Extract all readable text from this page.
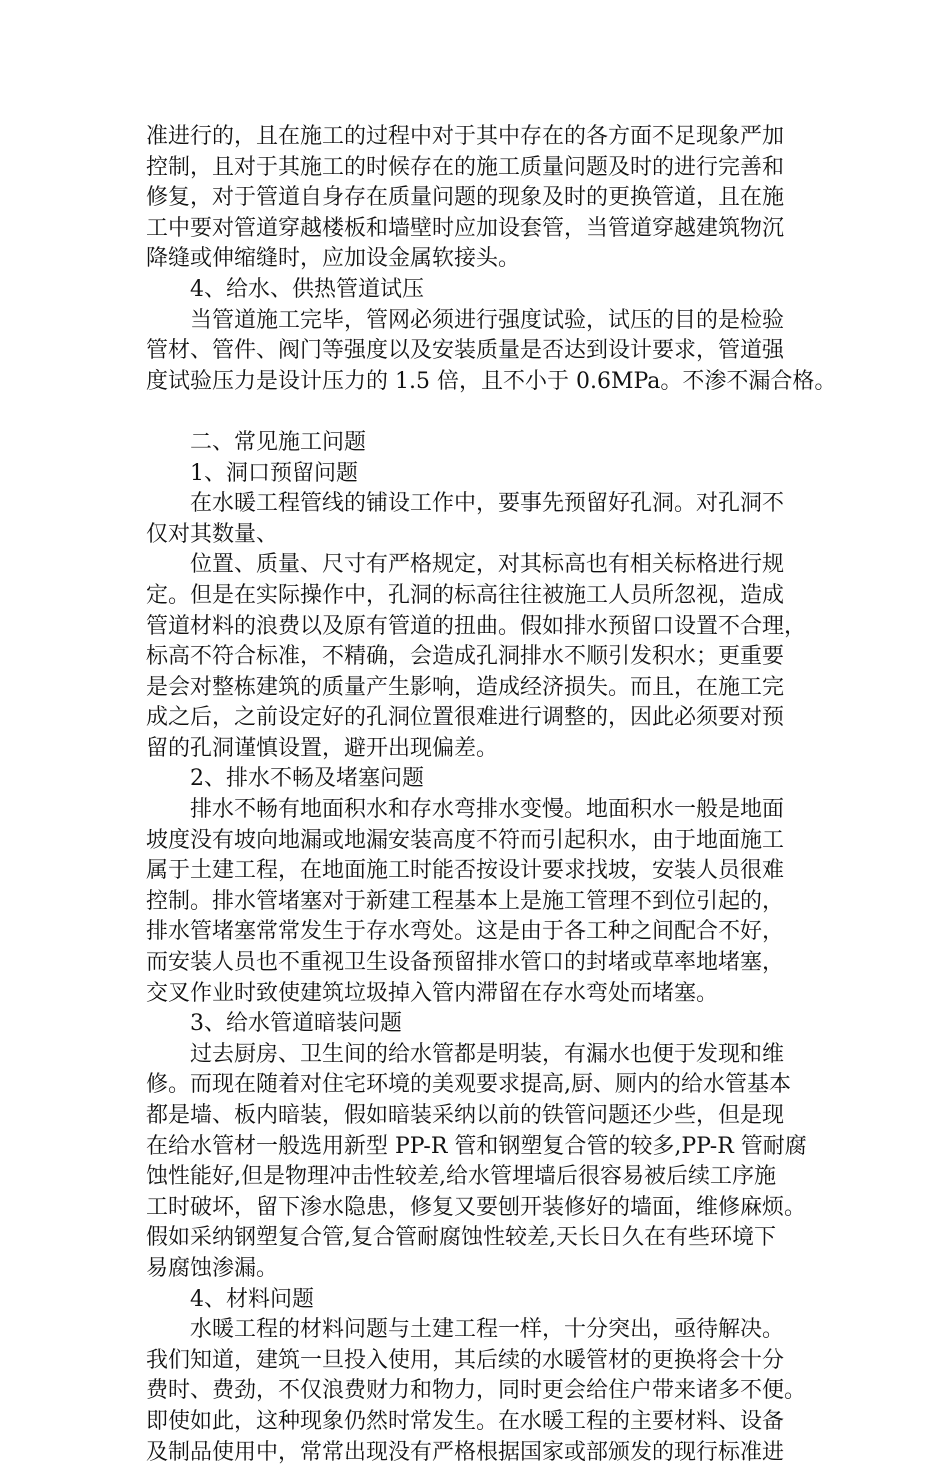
准进行的，且在施工的过程中对于其中存在的各方面不足现象严加
控制，且对于其施工的时候存在的施工质量问题及时的进行完善和
修复，对于管道自身存在质量问题的现象及时的更换管道，且在施
工中要对管道穿越楼板和墙壁时应加设套管，当管道穿越建筑物沉
降缝或伸缩缝时，应加设金属软接头。
4、给水、供热管道试压
当管道施工完毕，管网必须进行强度试验，试压的目的是检验
管材、管件、阀门等强度以及安装质量是否达到设计要求，管道强
度试验压力是设计压力的 1.5 倍，且不小于 0.6MPa。不渗不漏合格。
二、常见施工问题
1、洞口预留问题
在水暖工程管线的铺设工作中，要事先预留好孔洞。对孔洞不
仅对其数量、
位置、质量、尺寸有严格规定，对其标高也有相关标格进行规
定。但是在实际操作中，孔洞的标高往往被施工人员所忽视，造成
管道材料的浪费以及原有管道的扭曲。假如排水预留口设置不合理，
标高不符合标准，不精确，会造成孔洞排水不顺引发积水；更重要
是会对整栋建筑的质量产生影响，造成经济损失。而且，在施工完
成之后，之前设定好的孔洞位置很难进行调整的，因此必须要对预
留的孔洞谨慎设置，避开出现偏差。
2、排水不畅及堵塞问题
排水不畅有地面积水和存水弯排水变慢。地面积水一般是地面
坡度没有坡向地漏或地漏安装高度不符而引起积水，由于地面施工
属于土建工程，在地面施工时能否按设计要求找坡，安装人员很难
控制。排水管堵塞对于新建工程基本上是施工管理不到位引起的，
排水管堵塞常常发生于存水弯处。这是由于各工种之间配合不好，
而安装人员也不重视卫生设备预留排水管口的封堵或草率地堵塞，
交叉作业时致使建筑垃圾掉入管内滞留在存水弯处而堵塞。
3、给水管道暗装问题
过去厨房、卫生间的给水管都是明装，有漏水也便于发现和维
修。而现在随着对住宅环境的美观要求提高,厨、厕内的给水管基本
都是墙、板内暗装，假如暗装采纳以前的铁管问题还少些，但是现
在给水管材一般选用新型 PP-R 管和钢塑复合管的较多,PP-R 管耐腐
蚀性能好,但是物理冲击性较差,给水管埋墙后很容易被后续工序施
工时破坏，留下渗水隐患，修复又要刨开装修好的墙面，维修麻烦。
假如采纳钢塑复合管,复合管耐腐蚀性较差,天长日久在有些环境下
易腐蚀渗漏。
4、材料问题
水暖工程的材料问题与土建工程一样，十分突出，亟待解决。
我们知道，建筑一旦投入使用，其后续的水暖管材的更换将会十分
费时、费劲，不仅浪费财力和物力，同时更会给住户带来诸多不便。
即使如此，这种现象仍然时常发生。在水暖工程的主要材料、设备
及制品使用中，常常出现没有严格根据国家或部颁发的现行标准进
